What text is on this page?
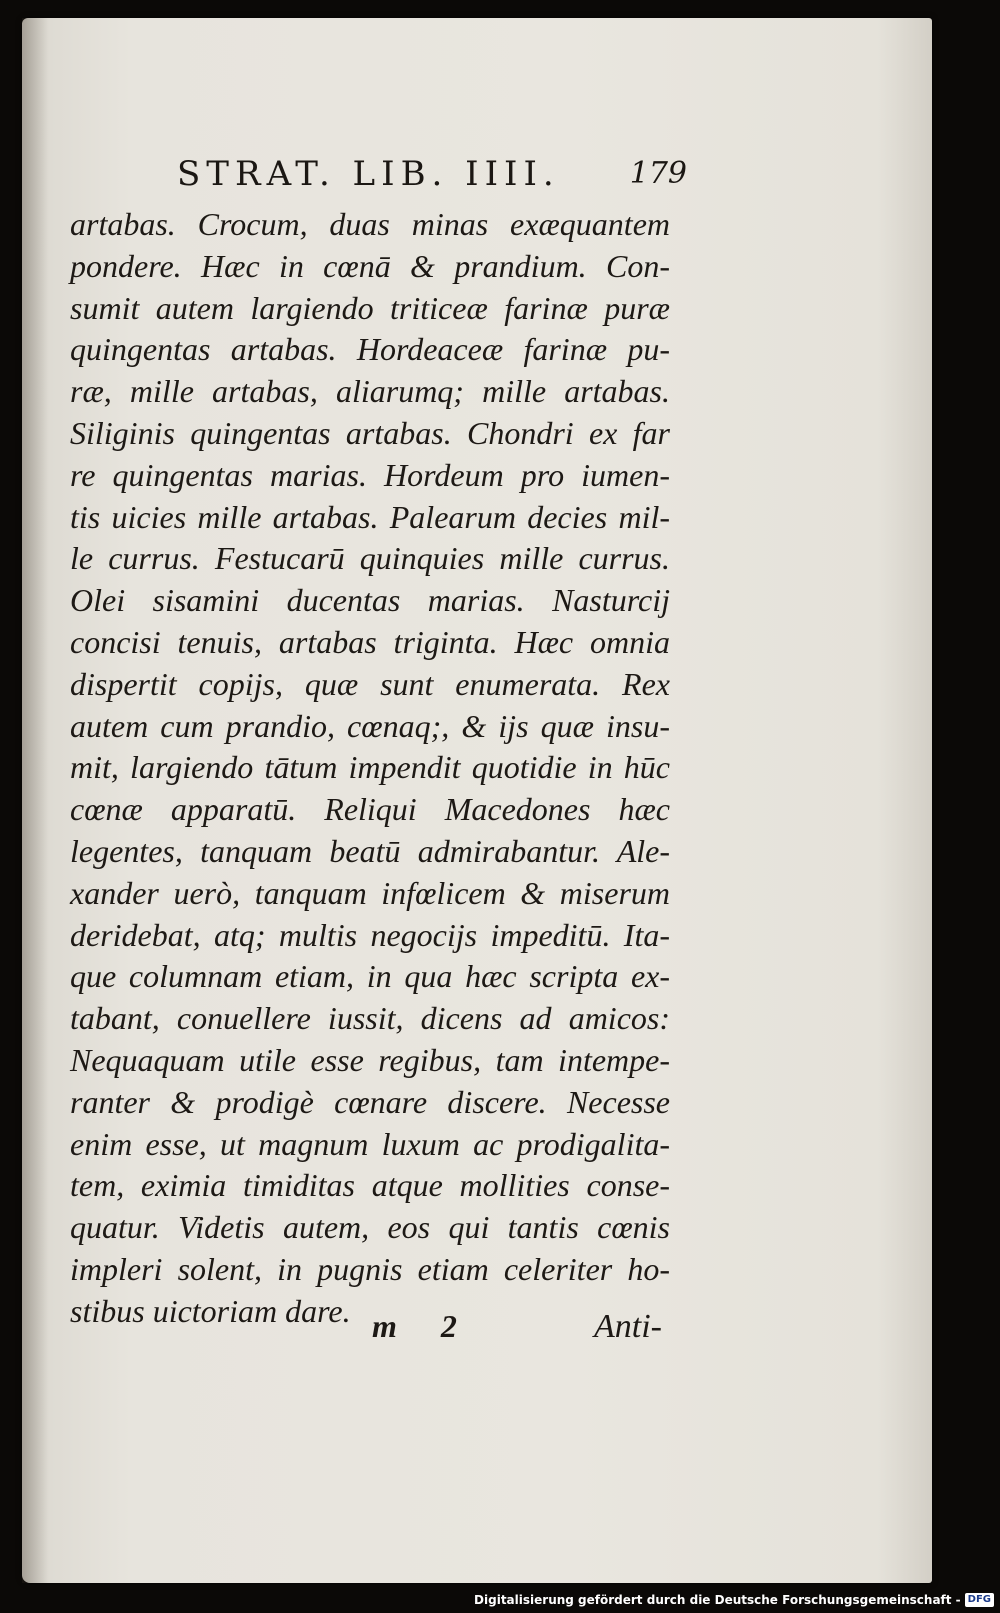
STRAT. LIB. IIII. 179
artabas. Crocum, duas minas exæquantem
pondere. Hæc in cœnā & prandium. Con-
sumit autem largiendo triticeæ farinæ puræ
quingentas artabas. Hordeaceæ farinæ pu-
ræ, mille artabas, aliarumq; mille artabas.
Siliginis quingentas artabas. Chondri ex far
re quingentas marias. Hordeum pro iumen-
tis uicies mille artabas. Palearum decies mil-
le currus. Festucarū quinquies mille currus.
Olei sisamini ducentas marias. Nasturcij
concisi tenuis, artabas triginta. Hæc omnia
dispertit copijs, quæ sunt enumerata. Rex
autem cum prandio, cœnaq;, & ijs quæ insu-
mit, largiendo tātum impendit quotidie in hūc
cœnæ apparatū. Reliqui Macedones hæc
legentes, tanquam beatū admirabantur. Ale-
xander uerò, tanquam infœlicem & miserum
deridebat, atq; multis negocijs impeditū. Ita-
que columnam etiam, in qua hæc scripta ex-
tabant, conuellere iussit, dicens ad amicos:
Nequaquam utile esse regibus, tam intempe-
ranter & prodigè cœnare discere. Necesse
enim esse, ut magnum luxum ac prodigalita-
tem, eximia timiditas atque mollities conse-
quatur. Videtis autem, eos qui tantis cœnis
impleri solent, in pugnis etiam celeriter ho-
stibus uictoriam dare. m 2	Anti-
Digitalisierung gefördert durch die Deutsche Forschungsgemeinschaft - DFG
